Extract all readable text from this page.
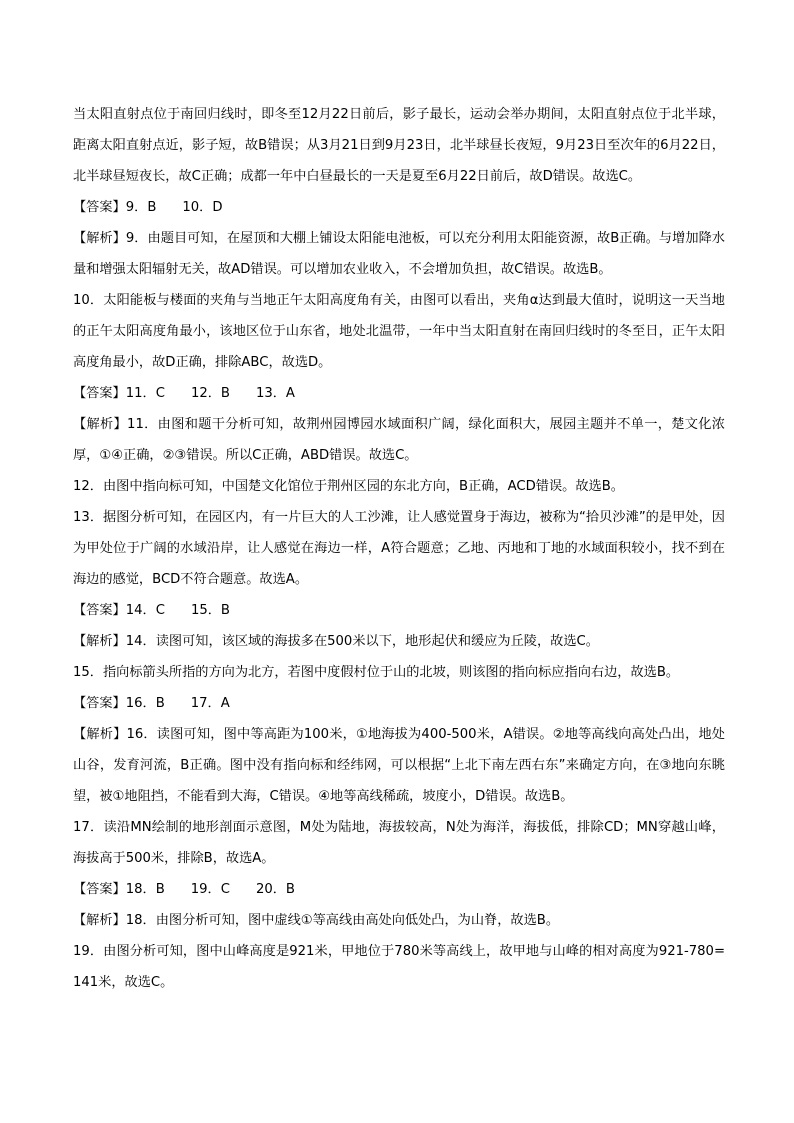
当太阳直射点位于南回归线时，即冬至12月22日前后，影子最长，运动会举办期间，太阳直射点位于北半球，距离太阳直射点近，影子短，故B错误；从3月21日到9月23日，北半球昼长夜短，9月23日至次年的6月22日，北半球昼短夜长，故C正确；成都一年中白昼最长的一天是夏至6月22日前后，故D错误。故选C。

【答案】9．B 10．D

【解析】9．由题目可知，在屋顶和大棚上铺设太阳能电池板，可以充分利用太阳能资源，故B正确。与增加降水量和增强太阳辐射无关，故AD错误。可以增加农业收入，不会增加负担，故C错误。故选B。

10．太阳能板与楼面的夹角与当地正午太阳高度角有关，由图可以看出，夹角α达到最大值时，说明这一天当地的正午太阳高度角最小，该地区位于山东省，地处北温带，一年中当太阳直射在南回归线时的冬至日，正午太阳高度角最小，故D正确，排除ABC，故选D。

【答案】11．C 12．B 13．A

【解析】11．由图和题干分析可知，故荆州园博园水域面积广阔，绿化面积大，展园主题并不单一，楚文化浓厚，①④正确，②③错误。所以C正确，ABD错误。故选C。

12．由图中指向标可知，中国楚文化馆位于荆州区园的东北方向，B正确，ACD错误。故选B。

13．据图分析可知，在园区内，有一片巨大的人工沙滩，让人感觉置身于海边，被称为“拾贝沙滩”的是甲处，因为甲处位于广阔的水域沿岸，让人感觉在海边一样，A符合题意；乙地、丙地和丁地的水域面积较小，找不到在海边的感觉，BCD不符合题意。故选A。

【答案】14．C 15．B

【解析】14．读图可知，该区域的海拔多在500米以下，地形起伏和缓应为丘陵，故选C。

15．指向标箭头所指的方向为北方，若图中度假村位于山的北坡，则该图的指向标应指向右边，故选B。

【答案】16．B 17．A

【解析】16．读图可知，图中等高距为100米，①地海拔为400-500米，A错误。②地等高线向高处凸出，地处山谷，发育河流，B正确。图中没有指向标和经纬网，可以根据“上北下南左西右东”来确定方向，在③地向东眺望，被①地阻挡，不能看到大海，C错误。④地等高线稀疏，坡度小，D错误。故选B。

17．读沿MN绘制的地形剖面示意图，M处为陆地，海拔较高，N处为海洋，海拔低，排除CD；MN穿越山峰，海拔高于500米，排除B，故选A。

【答案】18．B 19．C 20．B

【解析】18．由图分析可知，图中虚线①等高线由高处向低处凸，为山脊，故选B。

19．由图分析可知，图中山峰高度是921米，甲地位于780米等高线上，故甲地与山峰的相对高度为921-780=141米，故选C。
